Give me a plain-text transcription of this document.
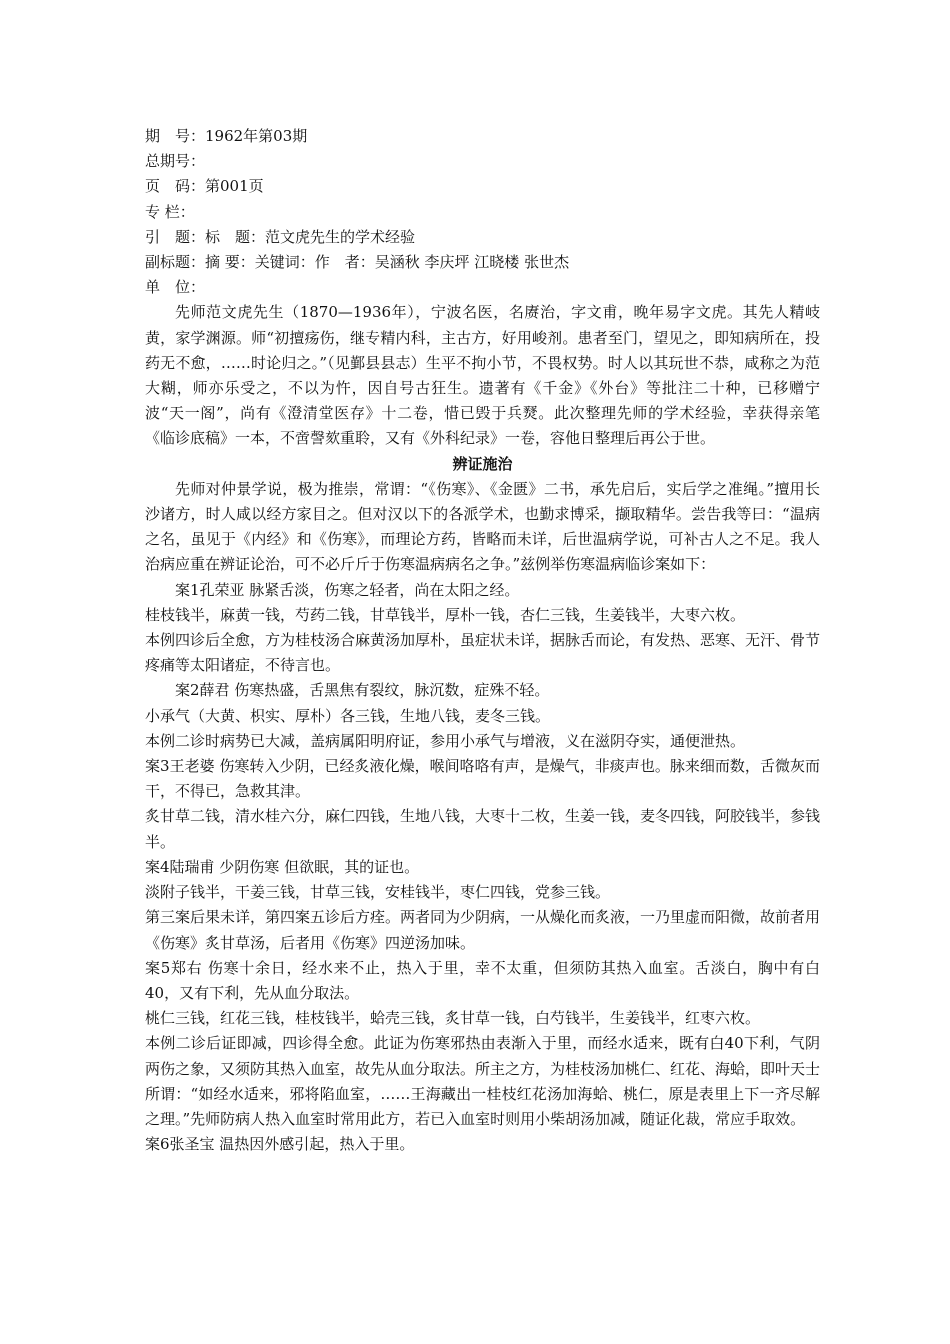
期　号：1962年第03期
总期号：
页　码：第001页
专 栏：
引　题：标　题：范文虎先生的学术经验
副标题：摘 要：关键词：作　者：吴涵秋 李庆坪 江晓楼 张世杰
单　位：
先师范文虎先生（1870—1936年），宁波名医，名赓治，字文甫，晚年易字文虎。其先人精岐黄，家学渊源。师“初擅疡伤，继专精内科，主古方，好用峻剂。患者至门，望见之，即知病所在，投药无不愈，……时论归之。”（见鄞县县志）生平不拘小节，不畏权势。时人以其玩世不恭，咸称之为范大糊，师亦乐受之，不以为忤，因自号古狂生。遗著有《千金》《外台》等批注二十种，已移赠宁波“天一阁”，尚有《澄清堂医存》十二卷，惜已毁于兵燹。此次整理先师的学术经验，幸获得亲笔《临诊底稿》一本，不啻謦欬重聆，又有《外科纪录》一卷，容他日整理后再公于世。
辨证施治
先师对仲景学说，极为推崇，常谓：“《伤寒》、《金匮》二书，承先启后，实后学之准绳。”擅用长沙诸方，时人咸以经方家目之。但对汉以下的各派学术，也勤求博采，撷取精华。尝告我等曰：“温病之名，虽见于《内经》和《伤寒》，而理论方药，皆略而未详，后世温病学说，可补古人之不足。我人治病应重在辨证论治，可不必斤斤于伤寒温病病名之争。”兹例举伤寒温病临诊案如下：
案1孔荣亚 脉紧舌淡，伤寒之轻者，尚在太阳之经。
桂枝钱半，麻黄一钱，芍药二钱，甘草钱半，厚朴一钱，杏仁三钱，生姜钱半，大枣六枚。
本例四诊后全愈，方为桂枝汤合麻黄汤加厚朴，虽症状未详，据脉舌而论，有发热、恶寒、无汗、骨节疼痛等太阳诸症，不待言也。
案2薛君 伤寒热盛，舌黑焦有裂纹，脉沉数，症殊不轻。
小承气（大黄、枳实、厚朴）各三钱，生地八钱，麦冬三钱。
本例二诊时病势已大减，盖病属阳明府证，参用小承气与增液，义在滋阴夺实，通便泄热。
案3王老婆 伤寒转入少阴，已经炙液化燥，喉间咯咯有声，是燥气，非痰声也。脉来细而数，舌微灰而干，不得已，急救其津。
炙甘草二钱，清水桂六分，麻仁四钱，生地八钱，大枣十二枚，生姜一钱，麦冬四钱，阿胶钱半，参钱半。
案4陆瑞甫 少阴伤寒 但欲眠，其的证也。
淡附子钱半，干姜三钱，甘草三钱，安桂钱半，枣仁四钱，党参三钱。
第三案后果未详，第四案五诊后方痊。两者同为少阴病，一从燥化而炙液，一乃里虚而阳微，故前者用《伤寒》炙甘草汤，后者用《伤寒》四逆汤加味。
案5郑右 伤寒十余日，经水来不止，热入于里，幸不太重，但须防其热入血室。舌淡白，胸中有白40，又有下利，先从血分取法。
桃仁三钱，红花三钱，桂枝钱半，蛤壳三钱，炙甘草一钱，白芍钱半，生姜钱半，红枣六枚。
本例二诊后证即减，四诊得全愈。此证为伤寒邪热由表渐入于里，而经水适来，既有白40下利，气阴两伤之象，又须防其热入血室，故先从血分取法。所主之方，为桂枝汤加桃仁、红花、海蛤，即叶天士所谓：“如经水适来，邪将陷血室，……王海藏出一桂枝红花汤加海蛤、桃仁，原是表里上下一齐尽解之理。”先师防病人热入血室时常用此方，若已入血室时则用小柴胡汤加减，随证化裁，常应手取效。
案6张圣宝 温热因外感引起，热入于里。
